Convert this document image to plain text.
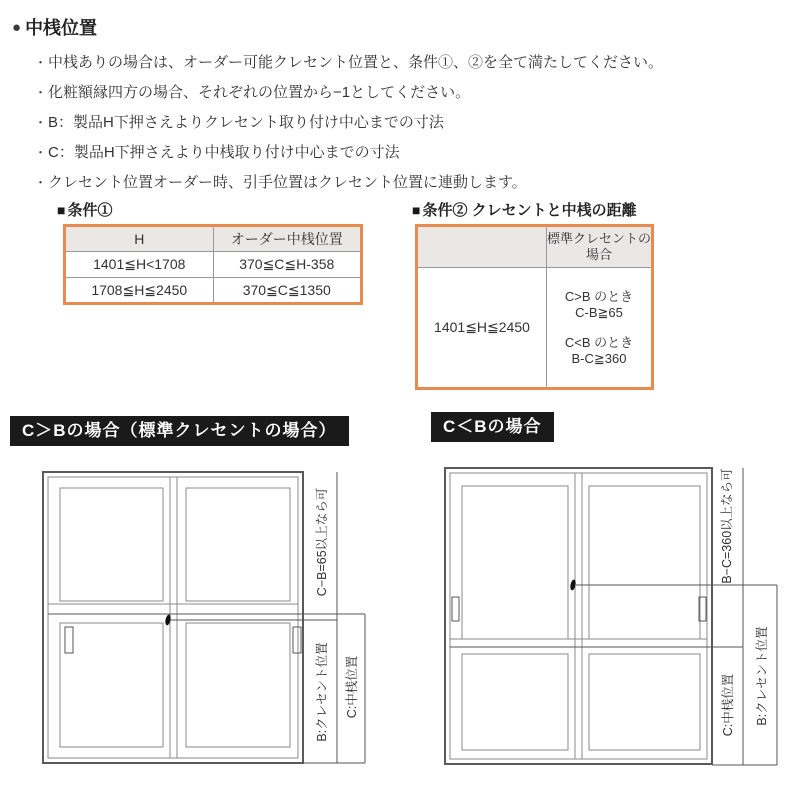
● 中桟位置
・ 中桟ありの場合は、オーダー可能クレセント位置と、条件①、②を全て満たしてください。
・ 化粧額縁四方の場合、それぞれの位置から−1としてください。
・ B：製品H下押さえよりクレセント取り付け中心までの寸法
・ C：製品H下押さえより中桟取り付け中心までの寸法
・ クレセント位置オーダー時、引手位置はクレセント位置に連動します。
■ 条件①
H	オーダー中桟位置
1401≦H<1708	370≦C≦H-358
1708≦H≦2450	370≦C≦1350
■ 条件② クレセントと中桟の距離
	標準クレセントの場合
1401≦H≦2450	C>B のとき
C-B≧65
C<B のとき
B-C≧360
C＞Bの場合（標準クレセントの場合）	C＜Bの場合
C−B=65以上なら可
B:クレセント位置 C:中桟位置
B−C=360以上なら可
C:中桟位置 B:クレセント位置
